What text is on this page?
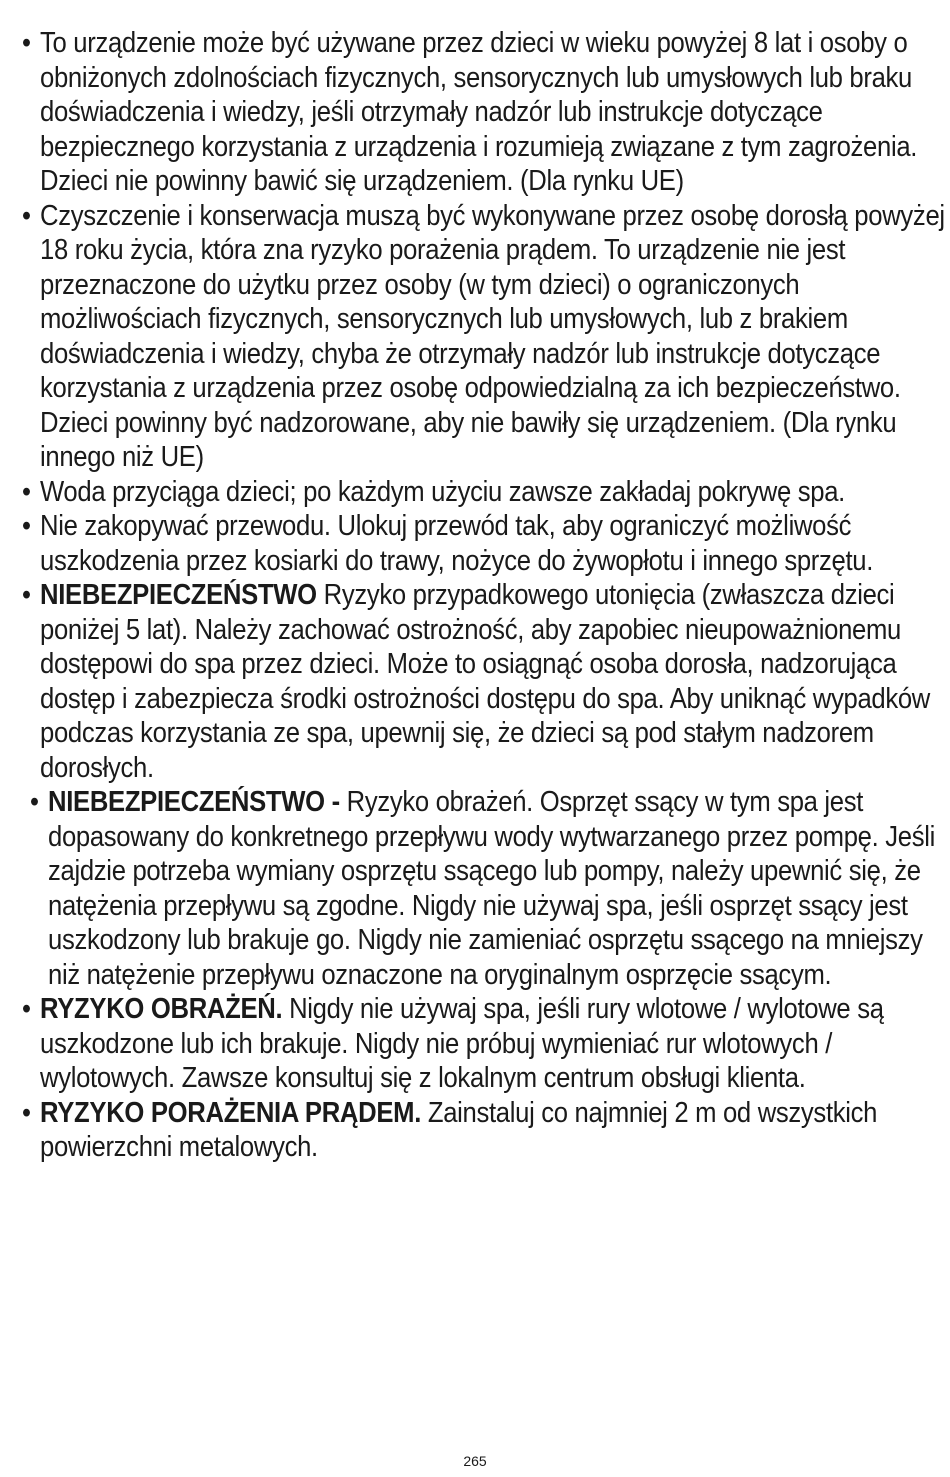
• To urządzenie może być używane przez dzieci w wieku powyżej 8 lat i osoby o obniżonych zdolnościach fizycznych, sensorycznych lub umysłowych lub braku doświadczenia i wiedzy, jeśli otrzymały nadzór lub instrukcje dotyczące bezpiecznego korzystania z urządzenia i rozumieją związane z tym zagrożenia. Dzieci nie powinny bawić się urządzeniem. (Dla rynku UE)
• Czyszczenie i konserwacja muszą być wykonywane przez osobę dorosłą powyżej 18 roku życia, która zna ryzyko porażenia prądem. To urządzenie nie jest przeznaczone do użytku przez osoby (w tym dzieci) o ograniczonych możliwościach fizycznych, sensorycznych lub umysłowych, lub z brakiem doświadczenia i wiedzy, chyba że otrzymały nadzór lub instrukcje dotyczące korzystania z urządzenia przez osobę odpowiedzialną za ich bezpieczeństwo. Dzieci powinny być nadzorowane, aby nie bawiły się urządzeniem. (Dla rynku innego niż UE)
• Woda przyciąga dzieci; po każdym użyciu zawsze zakładaj pokrywę spa.
• Nie zakopywać przewodu. Ulokuj przewód tak, aby ograniczyć możliwość uszkodzenia przez kosiarki do trawy, nożyce do żywopłotu i innego sprzętu.
• NIEBEZPIECZEŃSTWO Ryzyko przypadkowego utonięcia (zwłaszcza dzieci poniżej 5 lat). Należy zachować ostrożność, aby zapobiec nieupoważnionemu dostępowi do spa przez dzieci. Może to osiągnąć osoba dorosła, nadzorująca dostęp i zabezpiecza środki ostrożności dostępu do spa. Aby uniknąć wypadków podczas korzystania ze spa, upewnij się, że dzieci są pod stałym nadzorem dorosłych.
• NIEBEZPIECZEŃSTWO - Ryzyko obrażeń. Osprzęt ssący w tym spa jest dopasowany do konkretnego przepływu wody wytwarzanego przez pompę. Jeśli zajdzie potrzeba wymiany osprzętu ssącego lub pompy, należy upewnić się, że natężenia przepływu są zgodne. Nigdy nie używaj spa, jeśli osprzęt ssący jest uszkodzony lub brakuje go. Nigdy nie zamieniać osprzętu ssącego na mniejszy niż natężenie przepływu oznaczone na oryginalnym osprzęcie ssącym.
• RYZYKO OBRAŻEŃ. Nigdy nie używaj spa, jeśli rury wlotowe / wylotowe są uszkodzone lub ich brakuje. Nigdy nie próbuj wymieniać rur wlotowych / wylotowych. Zawsze konsultuj się z lokalnym centrum obsługi klienta.
• RYZYKO PORAŻENIA PRĄDEM. Zainstaluj co najmniej 2 m od wszystkich powierzchni metalowych.
265
